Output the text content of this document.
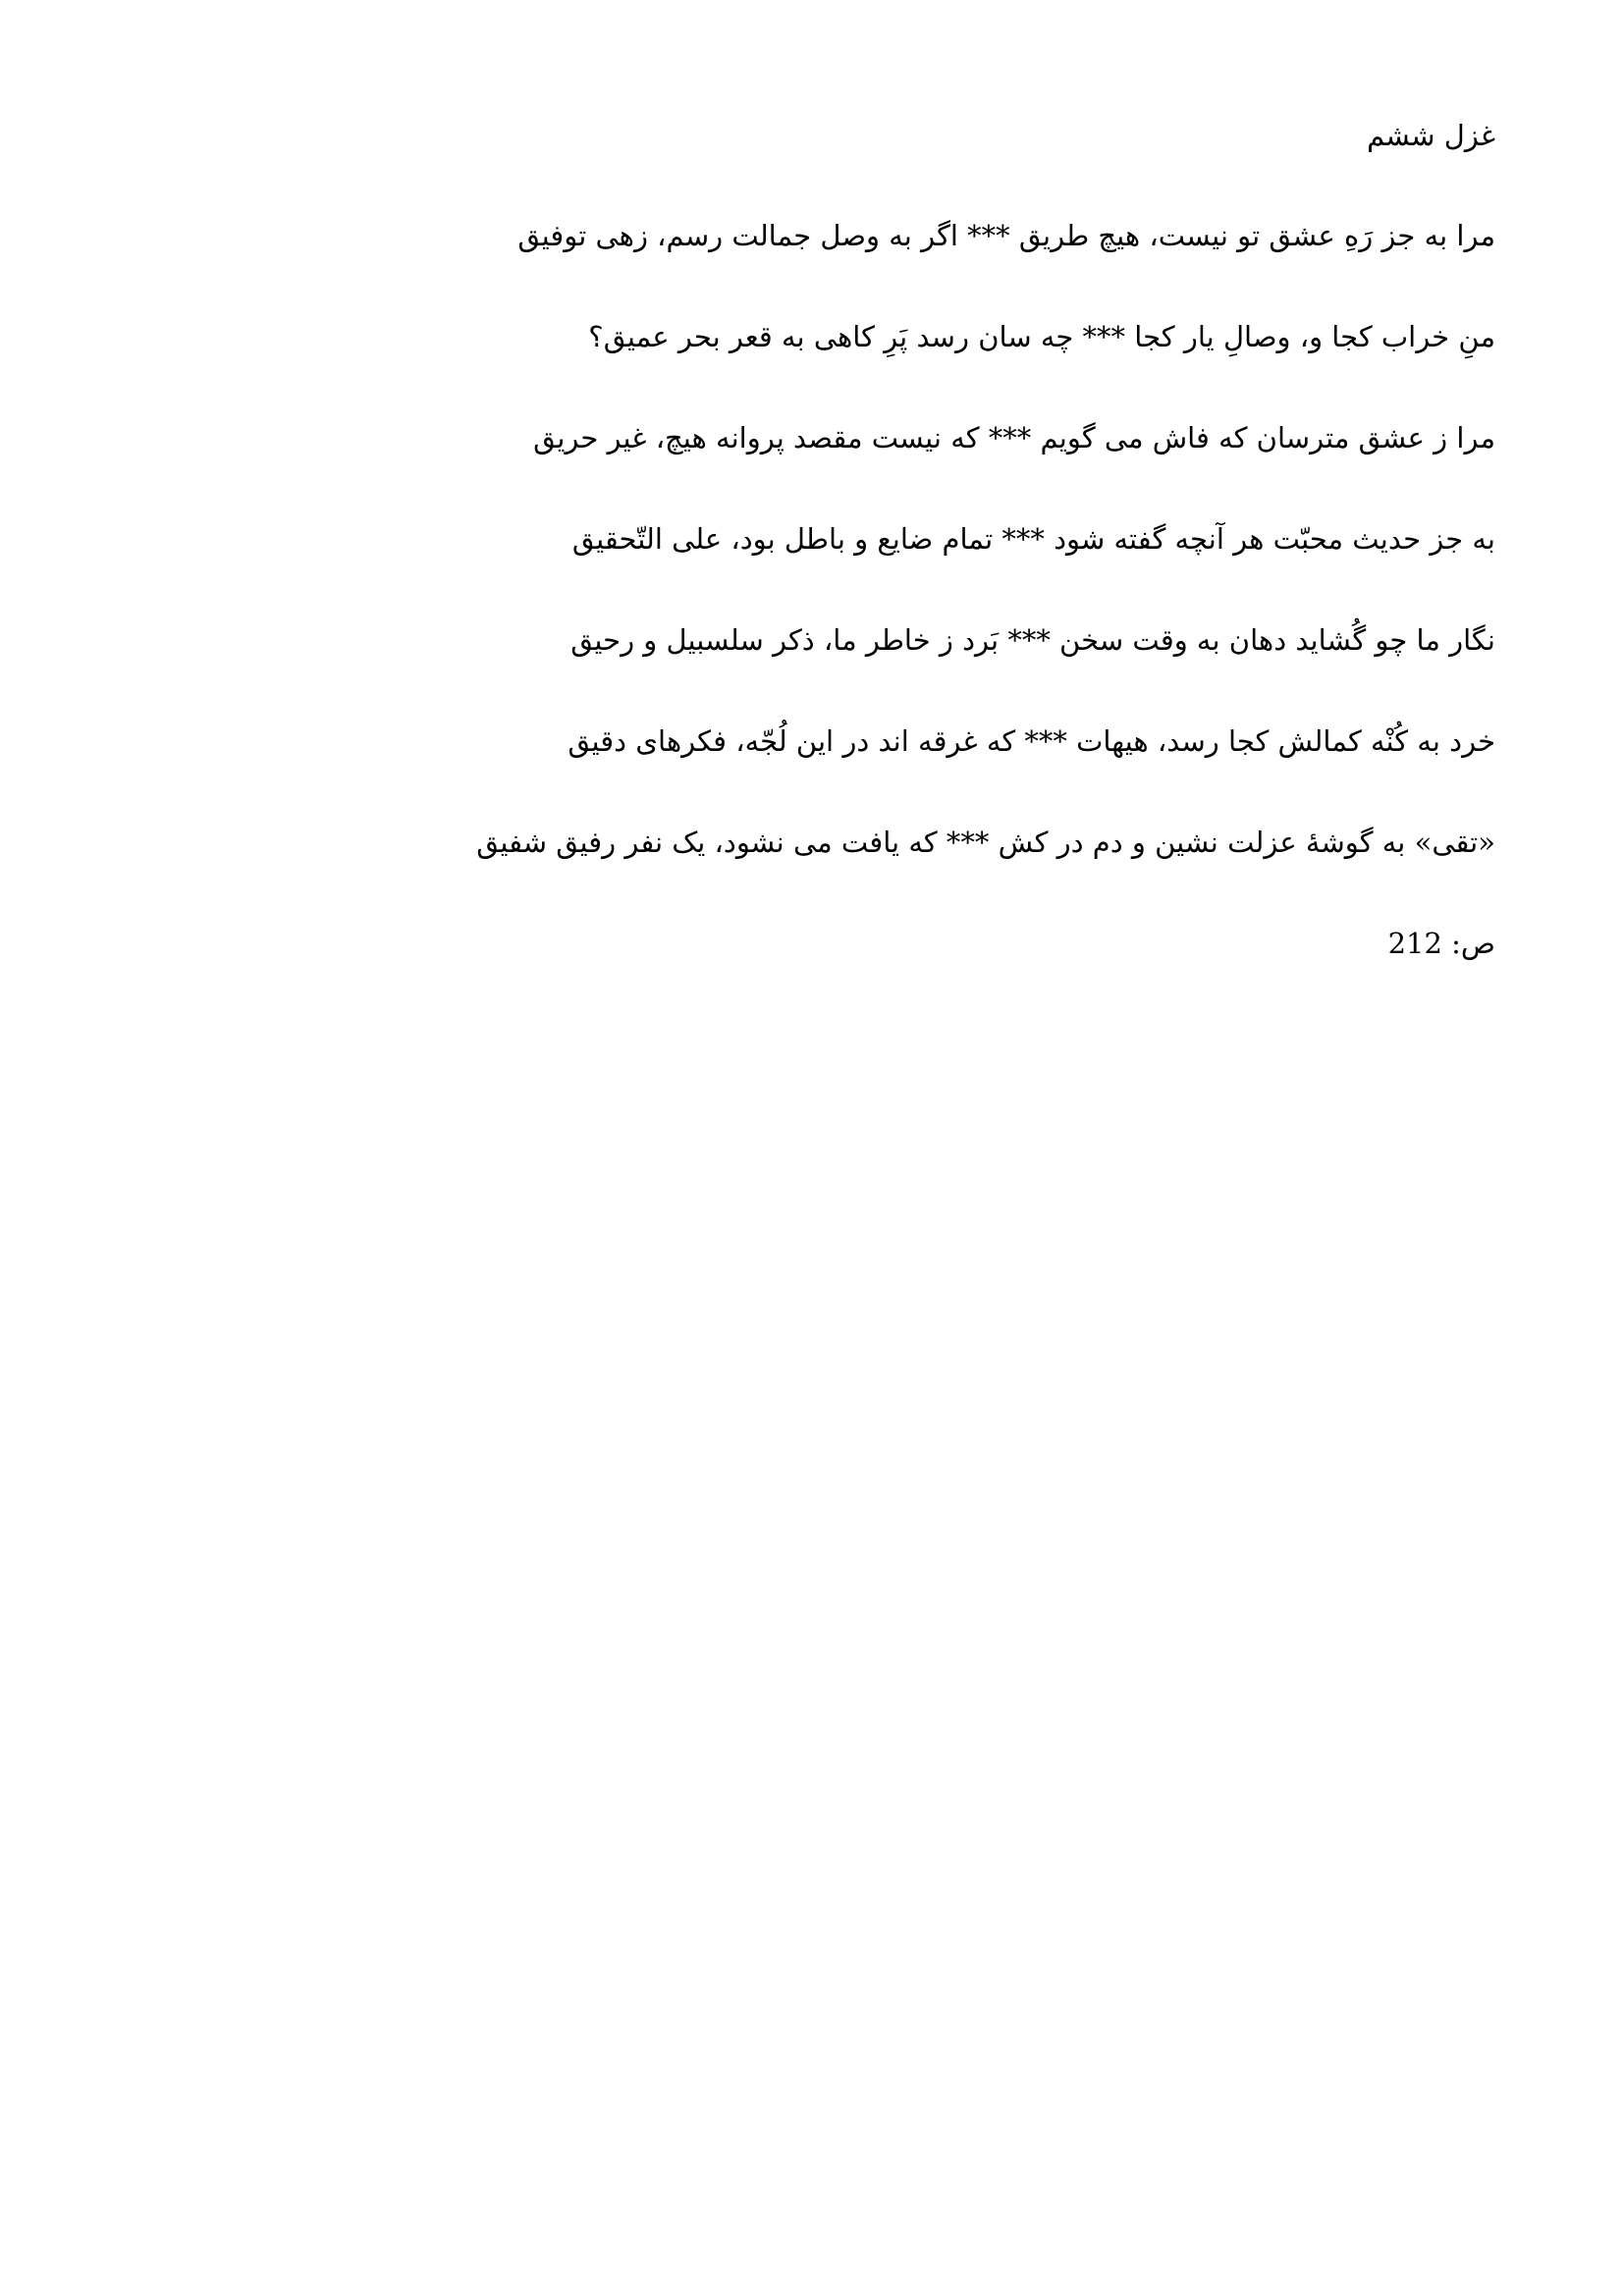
غزل ششم
مرا به جز رَهِ عشق تو نیست، هیچ طریق *** اگر به وصل جمالت رسم، زهی توفیق
منِ خراب کجا و، وصالِ یار کجا *** چه سان رسد پَرِ کاهی به قعر بحر عمیق؟
مرا ز عشق مترسان که فاش می گویم *** که نیست مقصد پروانه هیچ، غیر حریق
به جز حدیث محبّت هر آنچه گفته شود *** تمام ضایع و باطل بود، علی التّحقیق
نگار ما چو گُشاید دهان به وقت سخن *** بَرد ز خاطر ما، ذکر سلسبیل و رحیق
خرد به کُنْه کمالش کجا رسد، هیهات *** که غرقه اند در این لُجّه، فکرهای دقیق
«تقی» به گوشهٔ عزلت نشین و دم در کش *** که یافت می نشود، یک نفر رفیق شفیق
ص: 212
